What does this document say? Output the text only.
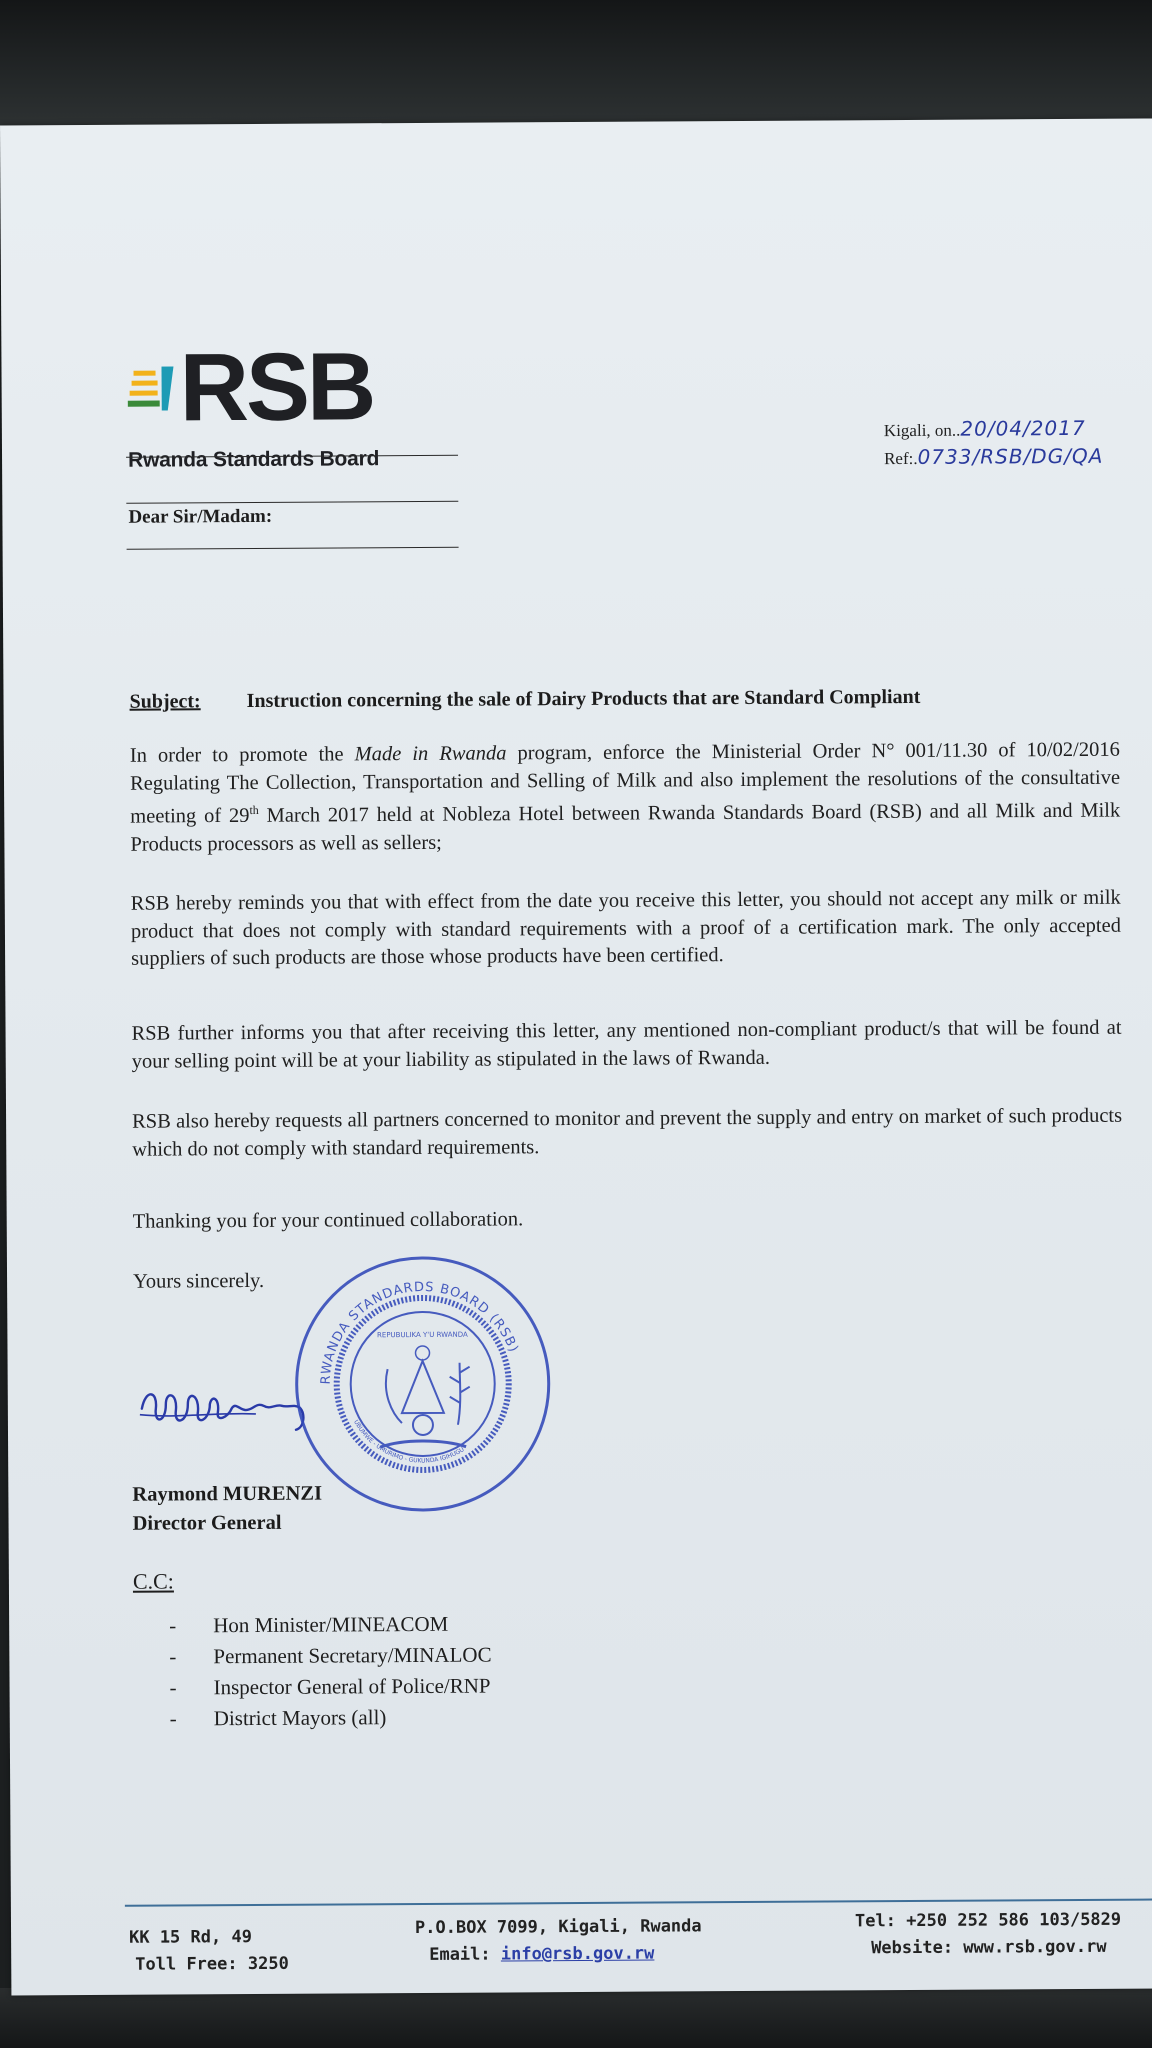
RSB
Rwanda Standards Board
Kigali, on..20/04/2017
Ref:.0733/RSB/DG/QA
Dear Sir/Madam:
Subject: Instruction concerning the sale of Dairy Products that are Standard Compliant
In order to promote the Made in Rwanda program, enforce the Ministerial Order N° 001/11.30 of 10/02/2016 Regulating The Collection, Transportation and Selling of Milk and also implement the resolutions of the consultative meeting of 29th March 2017 held at Nobleza Hotel between Rwanda Standards Board (RSB) and all Milk and Milk Products processors as well as sellers;
RSB hereby reminds you that with effect from the date you receive this letter, you should not accept any milk or milk product that does not comply with standard requirements with a proof of a certification mark. The only accepted suppliers of such products are those whose products have been certified.
RSB further informs you that after receiving this letter, any mentioned non-compliant product/s that will be found at your selling point will be at your liability as stipulated in the laws of Rwanda.
RSB also hereby requests all partners concerned to monitor and prevent the supply and entry on market of such products which do not comply with standard requirements.
Thanking you for your continued collaboration.
Yours sincerely.
RWANDA STANDARDS BOARD (RSB)
REPUBULIKA Y'U RWANDA
UBUMWE - UMURIMO - GUKUNDA IGIHUGU
Raymond MURENZI
Director General
C.C:
- Hon Minister/MINEACOM
- Permanent Secretary/MINALOC
- Inspector General of Police/RNP
- District Mayors (all)
KK 15 Rd, 49
Toll Free: 3250
P.O.BOX 7099, Kigali, Rwanda
Email: info@rsb.gov.rw
Tel: +250 252 586 103/5829
Website: www.rsb.gov.rw
